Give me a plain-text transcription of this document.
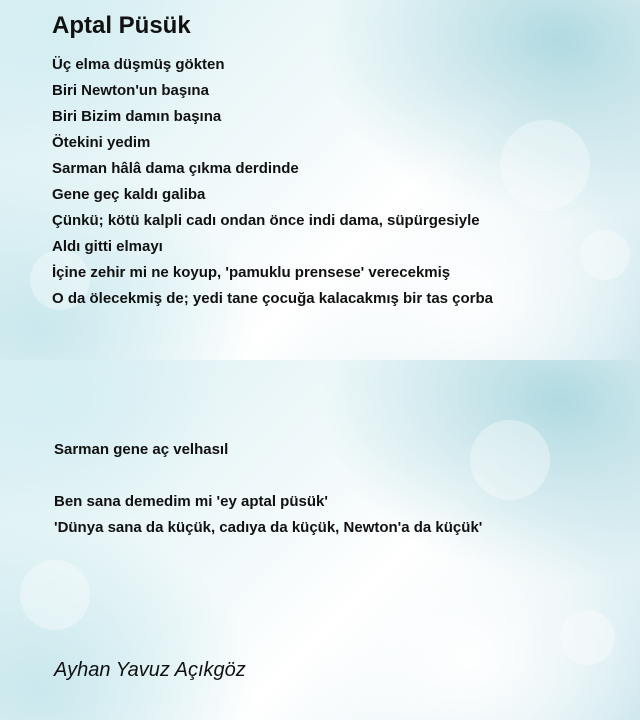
Aptal Püsük
Üç elma düşmüş gökten
Biri Newton'un başına
Biri Bizim damın başına
Ötekini yedim
Sarman hâlâ dama çıkma derdinde
Gene geç kaldı galiba
Çünkü; kötü kalpli cadı ondan önce indi dama, süpürgesiyle
Aldı gitti elmayı
İçine zehir mi ne koyup, 'pamuklu prensese' verecekmiş
O da ölecekmiş de; yedi tane çocuğa kalacakmış bir tas çorba

Sarman gene aç velhasıl

Ben sana demedim mi 'ey aptal püsük'
'Dünya sana da küçük, cadıya da küçük, Newton'a da küçük'

Ayhan Yavuz Açıkgöz
